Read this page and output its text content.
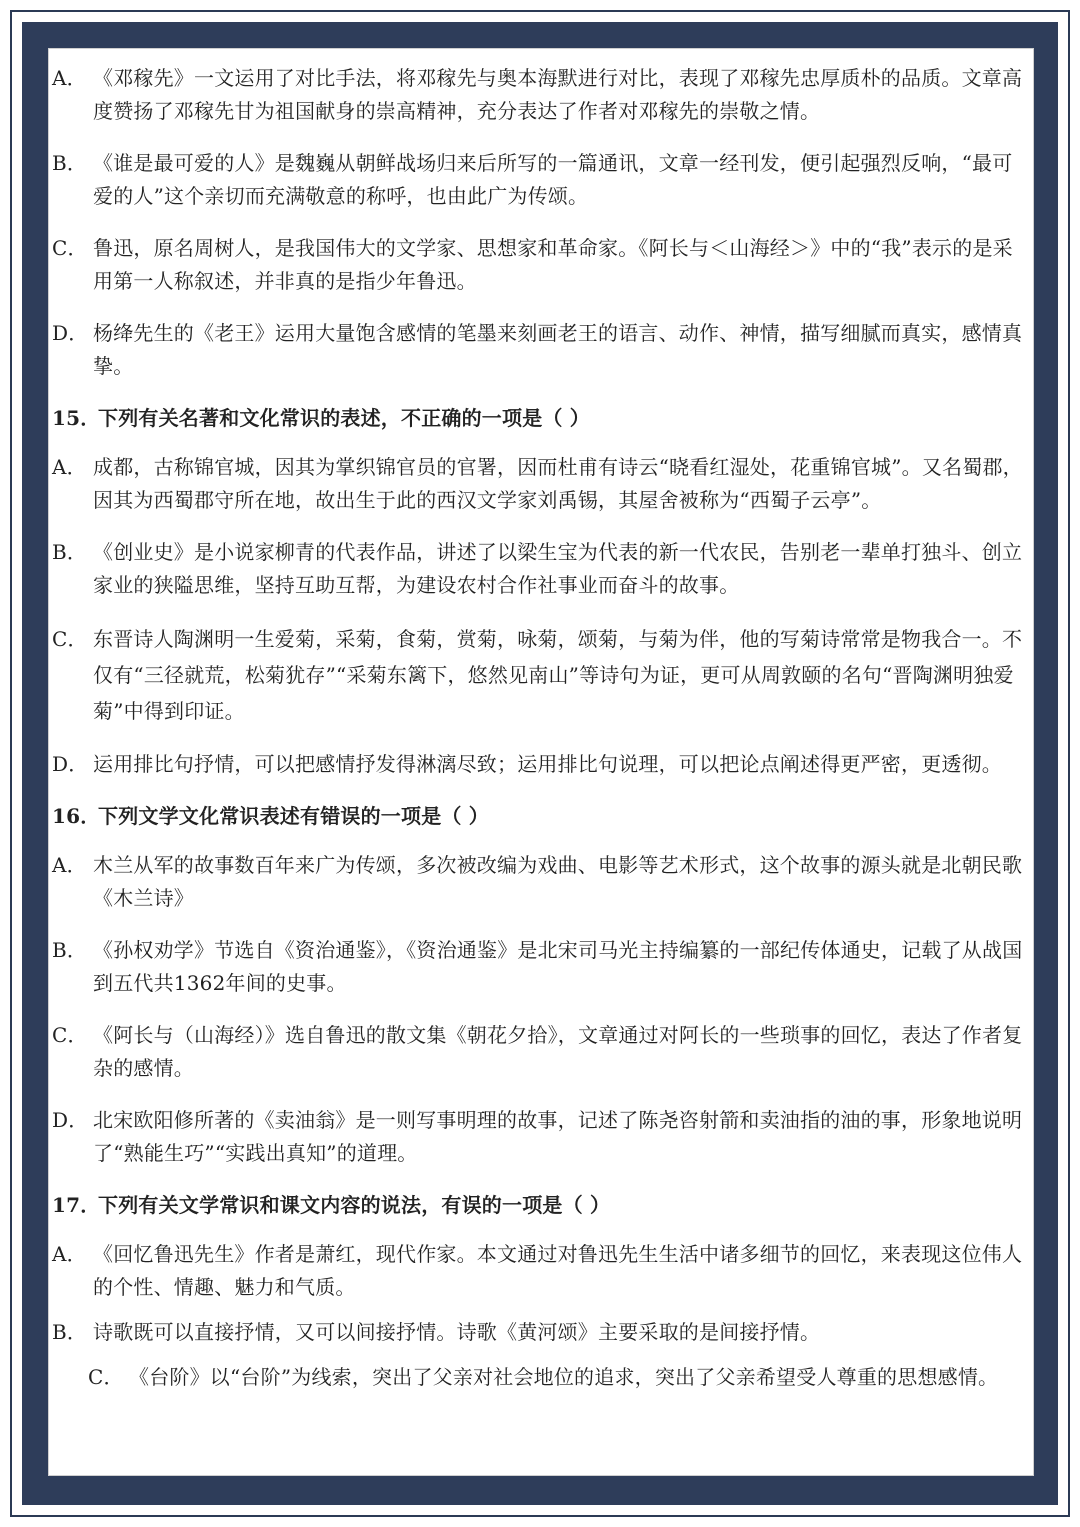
A． 《邓稼先》一文运用了对比手法，将邓稼先与奥本海默进行对比，表现了邓稼先忠厚质朴的品质。文章高度赞扬了邓稼先甘为祖国献身的崇高精神，充分表达了作者对邓稼先的崇敬之情。
B． 《谁是最可爱的人》是魏巍从朝鲜战场归来后所写的一篇通讯，文章一经刊发，便引起强烈反响，“最可爱的人”这个亲切而充满敬意的称呼，也由此广为传颂。
C． 鲁迅，原名周树人，是我国伟大的文学家、思想家和革命家。《阿长与＜山海经＞》中的“我”表示的是采用第一人称叙述，并非真的是指少年鲁迅。
D． 杨绛先生的《老王》运用大量饱含感情的笔墨来刻画老王的语言、动作、神情，描写细腻而真实，感情真挚。
15．下列有关名著和文化常识的表述，不正确的一项是（ ）
A． 成都，古称锦官城，因其为掌织锦官员的官署，因而杜甫有诗云“晓看红湿处，花重锦官城”。又名蜀郡，因其为西蜀郡守所在地，故出生于此的西汉文学家刘禹锡，其屋舍被称为“西蜀子云亭”。
B． 《创业史》是小说家柳青的代表作品，讲述了以梁生宝为代表的新一代农民，告别老一辈单打独斗、创立家业的狭隘思维，坚持互助互帮，为建设农村合作社事业而奋斗的故事。
C． 东晋诗人陶渊明一生爱菊，采菊，食菊，赏菊，咏菊，颂菊，与菊为伴，他的写菊诗常常是物我合一。不仅有“三径就荒，松菊犹存”“采菊东篱下，悠然见南山”等诗句为证，更可从周敦颐的名句“晋陶渊明独爱菊”中得到印证。
D． 运用排比句抒情，可以把感情抒发得淋漓尽致；运用排比句说理，可以把论点阐述得更严密，更透彻。
16．下列文学文化常识表述有错误的一项是（ ）
A． 木兰从军的故事数百年来广为传颂，多次被改编为戏曲、电影等艺术形式，这个故事的源头就是北朝民歌《木兰诗》
B． 《孙权劝学》节选自《资治通鉴》，《资治通鉴》是北宋司马光主持编纂的一部纪传体通史，记载了从战国到五代共1362年间的史事。
C． 《阿长与（山海经）》选自鲁迅的散文集《朝花夕拾》，文章通过对阿长的一些琐事的回忆，表达了作者复杂的感情。
D． 北宋欧阳修所著的《卖油翁》是一则写事明理的故事，记述了陈尧咨射箭和卖油指的油的事，形象地说明了“熟能生巧”“实践出真知”的道理。
17．下列有关文学常识和课文内容的说法，有误的一项是（ ）
A． 《回忆鲁迅先生》作者是萧红，现代作家。本文通过对鲁迅先生生活中诸多细节的回忆，来表现这位伟人的个性、情趣、魅力和气质。
B． 诗歌既可以直接抒情，又可以间接抒情。诗歌《黄河颂》主要采取的是间接抒情。
C． 《台阶》以“台阶”为线索，突出了父亲对社会地位的追求，突出了父亲希望受人尊重的思想感情。
